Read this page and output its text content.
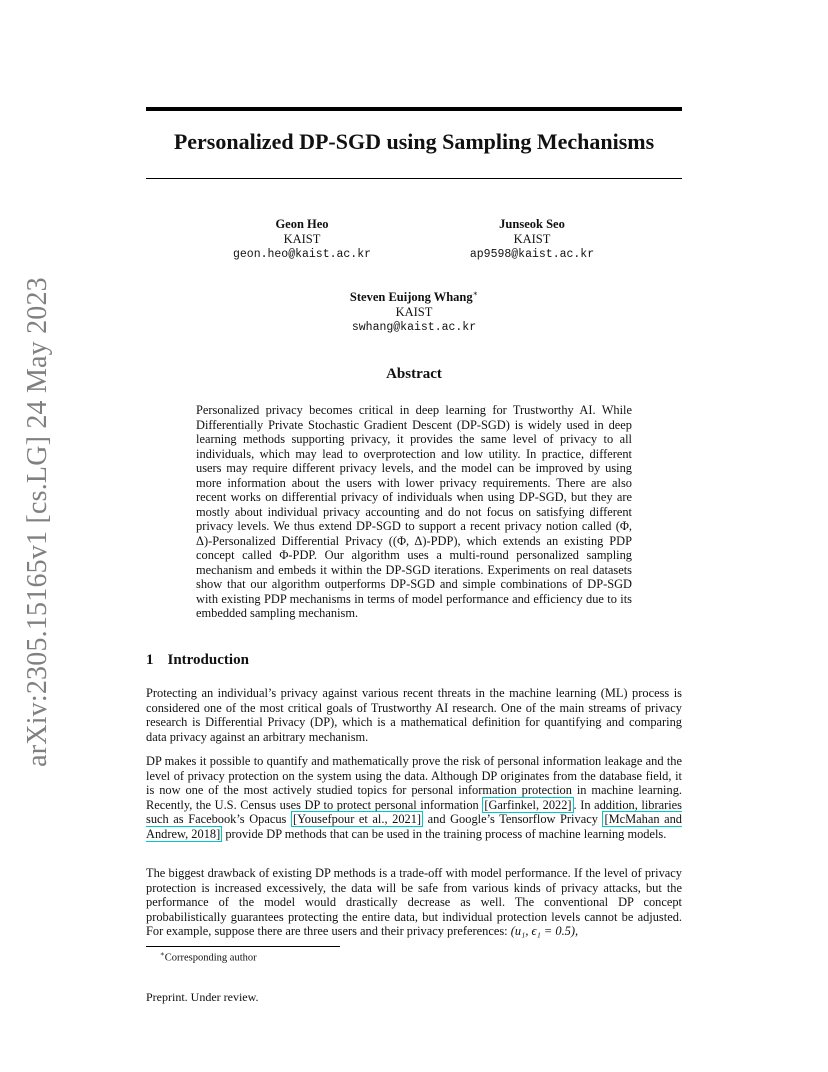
arXiv:2305.15165v1 [cs.LG] 24 May 2023
Personalized DP-SGD using Sampling Mechanisms
Geon Heo
KAIST
geon.heo@kaist.ac.kr
Junseok Seo
KAIST
ap9598@kaist.ac.kr
Steven Euijong Whang∗
KAIST
swhang@kaist.ac.kr
Abstract
Personalized privacy becomes critical in deep learning for Trustworthy AI. While Differentially Private Stochastic Gradient Descent (DP-SGD) is widely used in deep learning methods supporting privacy, it provides the same level of privacy to all individuals, which may lead to overprotection and low utility. In practice, different users may require different privacy levels, and the model can be improved by using more information about the users with lower privacy requirements. There are also recent works on differential privacy of individuals when using DP-SGD, but they are mostly about individual privacy accounting and do not focus on satisfying different privacy levels. We thus extend DP-SGD to support a recent privacy notion called (Φ, Δ)-Personalized Differential Privacy ((Φ, Δ)-PDP), which extends an existing PDP concept called Φ-PDP. Our algorithm uses a multi-round personalized sampling mechanism and embeds it within the DP-SGD iterations. Experiments on real datasets show that our algorithm outperforms DP-SGD and simple combinations of DP-SGD with existing PDP mechanisms in terms of model performance and efficiency due to its embedded sampling mechanism.
1 Introduction
Protecting an individual’s privacy against various recent threats in the machine learning (ML) process is considered one of the most critical goals of Trustworthy AI research. One of the main streams of privacy research is Differential Privacy (DP), which is a mathematical definition for quantifying and comparing data privacy against an arbitrary mechanism.
DP makes it possible to quantify and mathematically prove the risk of personal information leakage and the level of privacy protection on the system using the data. Although DP originates from the database field, it is now one of the most actively studied topics for personal information protection in machine learning. Recently, the U.S. Census uses DP to protect personal information [Garfinkel, 2022] . In addition, libraries such as Facebook’s Opacus [Yousefpour et al., 2021] and Google’s Tensorflow Privacy [McMahan and Andrew, 2018] provide DP methods that can be used in the training process of machine learning models.
The biggest drawback of existing DP methods is a trade-off with model performance. If the level of privacy protection is increased excessively, the data will be safe from various kinds of privacy attacks, but the performance of the model would drastically decrease as well. The conventional DP concept probabilistically guarantees protecting the entire data, but individual protection levels cannot be adjusted. For example, suppose there are three users and their privacy preferences: (u₁, ϵ₁ = 0.5),
∗Corresponding author
Preprint. Under review.
